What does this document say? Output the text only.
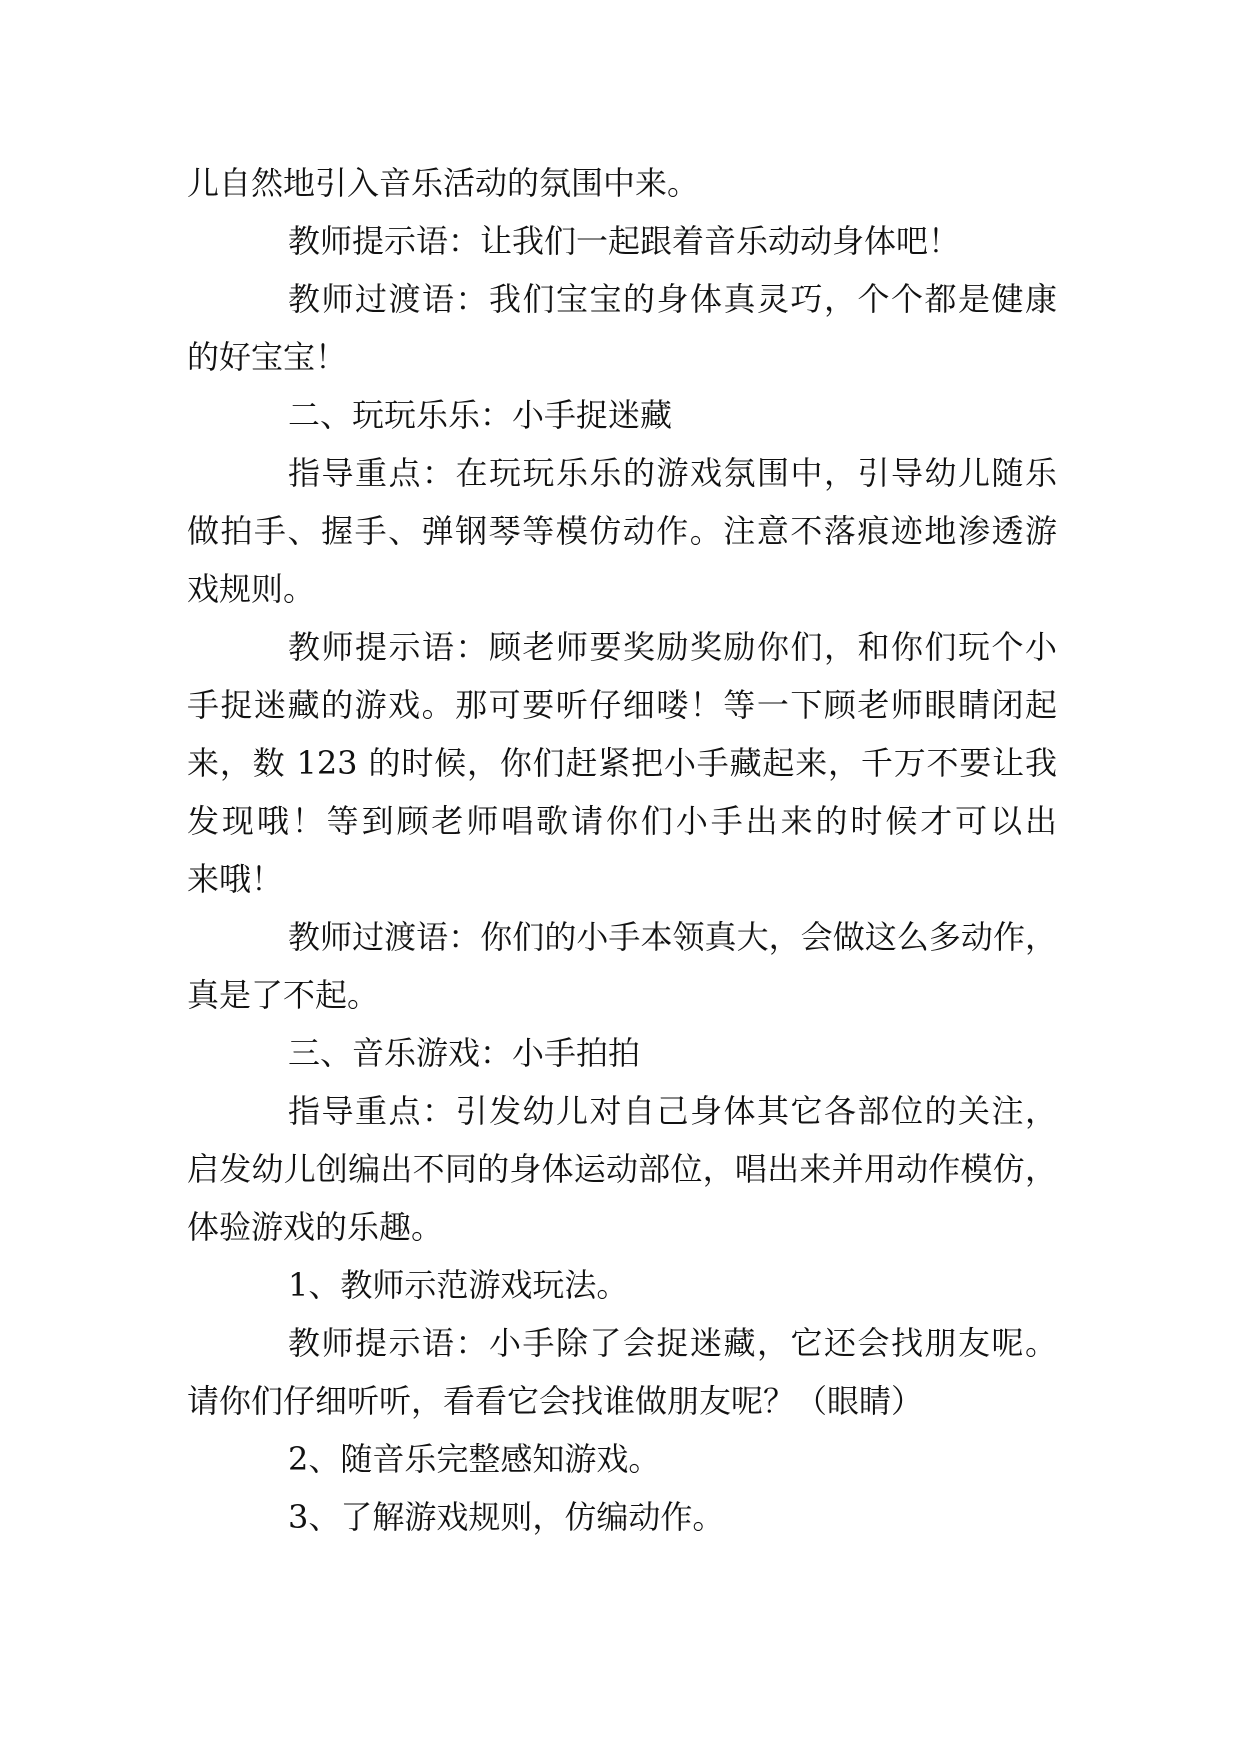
儿自然地引入音乐活动的氛围中来。
教师提示语：让我们一起跟着音乐动动身体吧！
教师过渡语：我们宝宝的身体真灵巧，个个都是健康
的好宝宝！
二、玩玩乐乐：小手捉迷藏
指导重点：在玩玩乐乐的游戏氛围中，引导幼儿随乐
做拍手、握手、弹钢琴等模仿动作。注意不落痕迹地渗透游
戏规则。
教师提示语：顾老师要奖励奖励你们，和你们玩个小
手捉迷藏的游戏。那可要听仔细喽！等一下顾老师眼睛闭起
来，数 123 的时候，你们赶紧把小手藏起来，千万不要让我
发现哦！等到顾老师唱歌请你们小手出来的时候才可以出
来哦！
教师过渡语：你们的小手本领真大，会做这么多动作，
真是了不起。
三、音乐游戏：小手拍拍
指导重点：引发幼儿对自己身体其它各部位的关注，
启发幼儿创编出不同的身体运动部位，唱出来并用动作模仿，
体验游戏的乐趣。
1、教师示范游戏玩法。
教师提示语：小手除了会捉迷藏，它还会找朋友呢。
请你们仔细听听，看看它会找谁做朋友呢？（眼睛）
2、随音乐完整感知游戏。
3、了解游戏规则，仿编动作。
